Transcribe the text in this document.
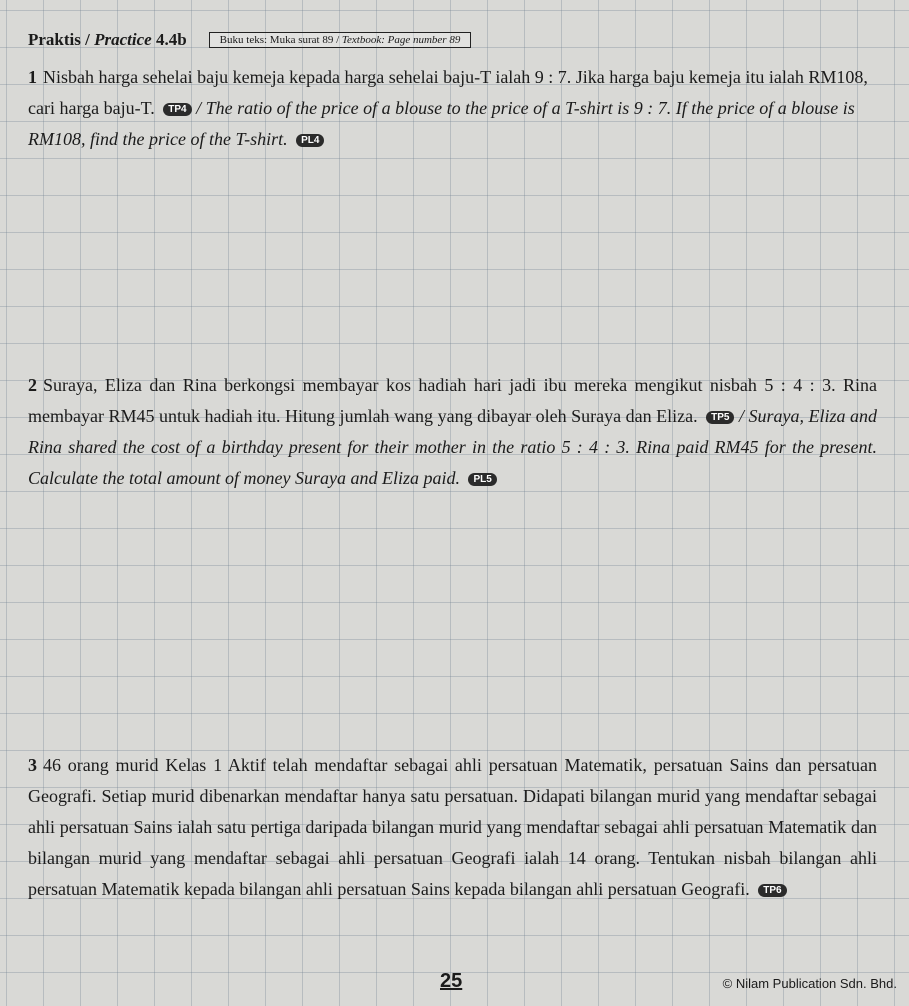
Praktis / Practice 4.4b	Buku teks: Muka surat 89 / Textbook: Page number 89
1 Nisbah harga sehelai baju kemeja kepada harga sehelai baju-T ialah 9 : 7. Jika harga baju kemeja itu ialah RM108, cari harga baju-T. TP4 / The ratio of the price of a blouse to the price of a T-shirt is 9 : 7. If the price of a blouse is RM108, find the price of the T-shirt. PL4
2 Suraya, Eliza dan Rina berkongsi membayar kos hadiah hari jadi ibu mereka mengikut nisbah 5 : 4 : 3. Rina membayar RM45 untuk hadiah itu. Hitung jumlah wang yang dibayar oleh Suraya dan Eliza. TP5 / Suraya, Eliza and Rina shared the cost of a birthday present for their mother in the ratio 5 : 4 : 3. Rina paid RM45 for the present. Calculate the total amount of money Suraya and Eliza paid. PL5
3 46 orang murid Kelas 1 Aktif telah mendaftar sebagai ahli persatuan Matematik, persatuan Sains dan persatuan Geografi. Setiap murid dibenarkan mendaftar hanya satu persatuan. Didapati bilangan murid yang mendaftar sebagai ahli persatuan Sains ialah satu pertiga daripada bilangan murid yang mendaftar sebagai ahli persatuan Matematik dan bilangan murid yang mendaftar sebagai ahli persatuan Geografi ialah 14 orang. Tentukan nisbah bilangan ahli persatuan Matematik kepada bilangan ahli persatuan Sains kepada bilangan ahli persatuan Geografi. TP6
25	© Nilam Publication Sdn. Bhd.
